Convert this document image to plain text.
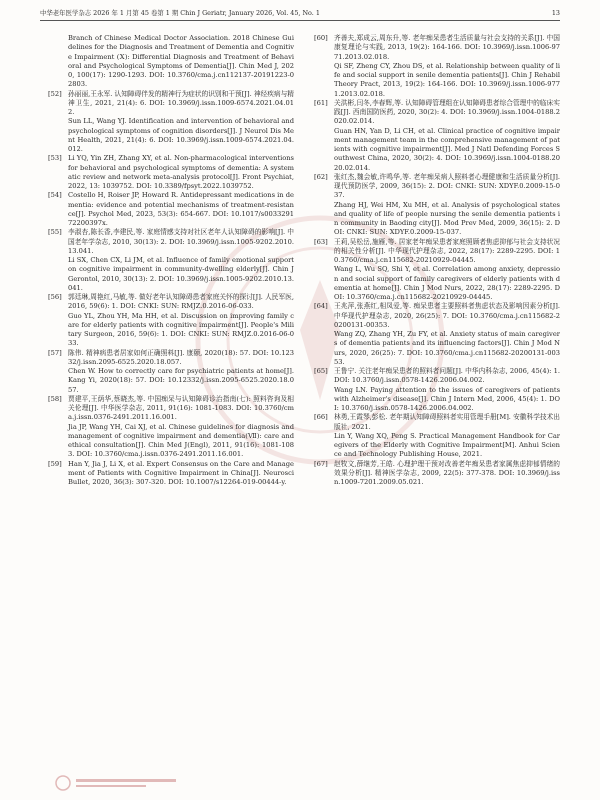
中华老年医学杂志 2026 年 1 月第 45 卷第 1 期 Chin J Geriatr, January 2026, Vol. 45, No. 1	13
Branch of Chinese Medical Doctor Association. 2018 Chinese Guidelines for the Diagnosis and Treatment of Dementia and Cognitive Impairment (Ⅹ): Differential Diagnosis and Treatment of Behavioral and Psychological Symptoms of Dementia[J]. Chin Med J, 2020, 100(17): 1290-1293. DOI: 10.3760/cma.j.cn112137-20191223-02803.
[52] 孙丽丽,王永军. 认知障碍伴发的精神行为症状的识别和干预[J]. 神经疾病与精神卫生, 2021, 21(4): 6. DOI: 10.3969/j.issn.1009-6574.2021.04.012.
Sun LL, Wang YJ. Identification and intervention of behavioral and psychological symptoms of cognition disorders[J]. J Neurol Dis Ment Health, 2021, 21(4): 6. DOI: 10.3969/j.issn.1009-6574.2021.04.012.
[53] Li YQ, Yin ZH, Zhang XY, et al. Non-pharmacological interventions for behavioral and psychological symptoms of dementia: A systematic review and network meta-analysis protocol[J]. Front Psychiat, 2022, 13: 1039752. DOI: 10.3389/fpsyt.2022.1039752.
[54] Costello H, Roiser JP, Howard R. Antidepressant medications in dementia: evidence and potential mechanisms of treatment-resistance[J]. Psychol Med, 2023, 53(3): 654-667. DOI: 10.1017/s003329172200397x.
[55] 李淑杏,陈长香,李建民,等. 家庭情感支持对社区老年人认知障碍的影响[J]. 中国老年学杂志, 2010, 30(13): 2. DOI: 10.3969/j.issn.1005-9202.2010.13.041.
Li SX, Chen CX, Li JM, et al. Influence of family emotional support on cognitive impairment in community-dwelling elderly[J]. Chin J Gerontol, 2010, 30(13): 2. DOI: 10.3969/j.issn.1005-9202.2010.13.041.
[56] 郭廷琳,周艳红,马敏,等. 做好老年认知障碍患者家庭关怀的探讨[J]. 人民军医, 2016, 59(6): 1. DOI: CNKI: SUN: RMJZ.0.2016-06-033.
Guo YL, Zhou YH, Ma HH, et al. Discussion on improving family care for elderly patients with cognitive impairment[J]. People's Military Surgeon, 2016, 59(6): 1. DOI: CNKI: SUN: RMJZ.0.2016-06-033.
[57] 陈伟. 精神病患者居家如何正确照料[J]. 康颐, 2020(18): 57. DOI: 10.12332/j.issn.2095-6525.2020.18.057.
Chen W. How to correctly care for psychiatric patients at home[J]. Kang Yi, 2020(18): 57. DOI: 10.12332/j.issn.2095-6525.2020.18.057.
[58] 贾建平,王荫华,蔡晓杰,等. 中国痴呆与认知障碍诊治指南(七): 照料咨询及相关伦理[J]. 中华医学杂志, 2011, 91(16): 1081-1083. DOI: 10.3760/cma.j.issn.0376-2491.2011.16.001.
Jia JP, Wang YH, Cai XJ, et al. Chinese guidelines for diagnosis and management of cognitive impairment and dementia(Ⅶ): care and ethical consultation[J]. Chin Med J(Engl), 2011, 91(16): 1081-1083. DOI: 10.3760/cma.j.issn.0376-2491.2011.16.001.
[59] Han Y, Jia J, Li X, et al. Expert Consensus on the Care and Management of Patients with Cognitive Impairment in China[J]. Neurosci Bullet, 2020, 36(3): 307-320. DOI: 10.1007/s12264-019-00444-y.
[60] 齐善夫,郑成云,周东升,等. 老年痴呆患者生活质量与社会支持的关系[J]. 中国康复理论与实践, 2013, 19(2): 164-166. DOI: 10.3969/j.issn.1006-9771.2013.02.018.
Qi SF, Zheng CY, Zhou DS, et al. Relationship between quality of life and social support in senile dementia patients[J]. Chin J Rehabil Theory Pract, 2013, 19(2): 164-166. DOI: 10.3969/j.issn.1006-9771.2013.02.018.
[61] 关洪彬,闫冬,李春辉,等. 认知障碍管理组在认知障碍患者综合管理中的临床实践[J]. 西南国防医药, 2020, 30(2): 4. DOI: 10.3969/j.issn.1004-0188.2020.02.014.
Guan HN, Yan D, Li CH, et al. Clinical practice of cognitive impairment management team in the comprehensive management of patients with cognitive impairment[J]. Med J Natl Defending Forces Southwest China, 2020, 30(2): 4. DOI: 10.3969/j.issn.1004-0188.2020.02.014.
[62] 张红杰,魏会敏,许鸣华,等. 老年痴呆病人照料者心理健康和生活质量分析[J]. 现代预防医学, 2009, 36(15): 2. DOI: CNKI: SUN: XDYF.0.2009-15-037.
Zhang HJ, Wei HM, Xu MH, et al. Analysis of psychological states and quality of life of people nursing the senile dementia patients in community in Baoding city[J]. Mod Prev Med, 2009, 36(15): 2. DOI: CNKI: SUN: XDYF.0.2009-15-037.
[63] 王莉,吴松岳,施雁,等. 居家老年痴呆患者家庭照顾者焦虑抑郁与社会支持状况的相关性分析[J]. 中华现代护理杂志, 2022, 28(17): 2289-2295. DOI: 10.3760/cma.j.cn115682-20210929-04445.
Wang L, Wu SQ, Shi Y, et al. Correlation among anxiety, depression and social support of family caregivers of elderly patients with dementia at home[J]. Chin J Mod Nurs, 2022, 28(17): 2289-2295. DOI: 10.3760/cma.j.cn115682-20210929-04445.
[64] 王兆萍,张燕红,相凤爱,等. 痴呆患者主要照料者焦虑状态及影响因素分析[J]. 中华现代护理杂志, 2020, 26(25): 7. DOI: 10.3760/cma.j.cn115682-20200131-00353.
Wang ZQ, Zhang YH, Zu FY, et al. Anxiety status of main caregivers of dementia patients and its influencing factors[J]. Chin J Mod Nurs, 2020, 26(25): 7. DOI: 10.3760/cma.j.cn115682-20200131-00353.
[65] 王鲁宁. 关注老年痴呆患者的照料者问题[J]. 中华内科杂志, 2006, 45(4): 1. DOI: 10.3760/j.issn.0578-1426.2006.04.002.
Wang LN. Paying attention to the issues of caregivers of patients with Alzheimer's disease[J]. Chin J Intern Med, 2006, 45(4): 1. DOI: 10.3760/j.issn.0578-1426.2006.04.002.
[66] 林勇,王霞琴,彭松. 老年期认知障碍照料者实用管理手册[M]. 安徽科学技术出版社, 2021.
Lin Y, Wang XQ, Peng S. Practical Management Handbook for Caregivers of the Elderly with Cognitive Impairment[M]. Anhui Science and Technology Publishing House, 2021.
[67] 赵牧文,薛继芳,王皓. 心理护理干预对改善老年痴呆患者家属焦虑抑郁情绪的效果分析[J]. 精神医学杂志, 2009, 22(5): 377-378. DOI: 10.3969/j.issn.1009-7201.2009.05.021.
